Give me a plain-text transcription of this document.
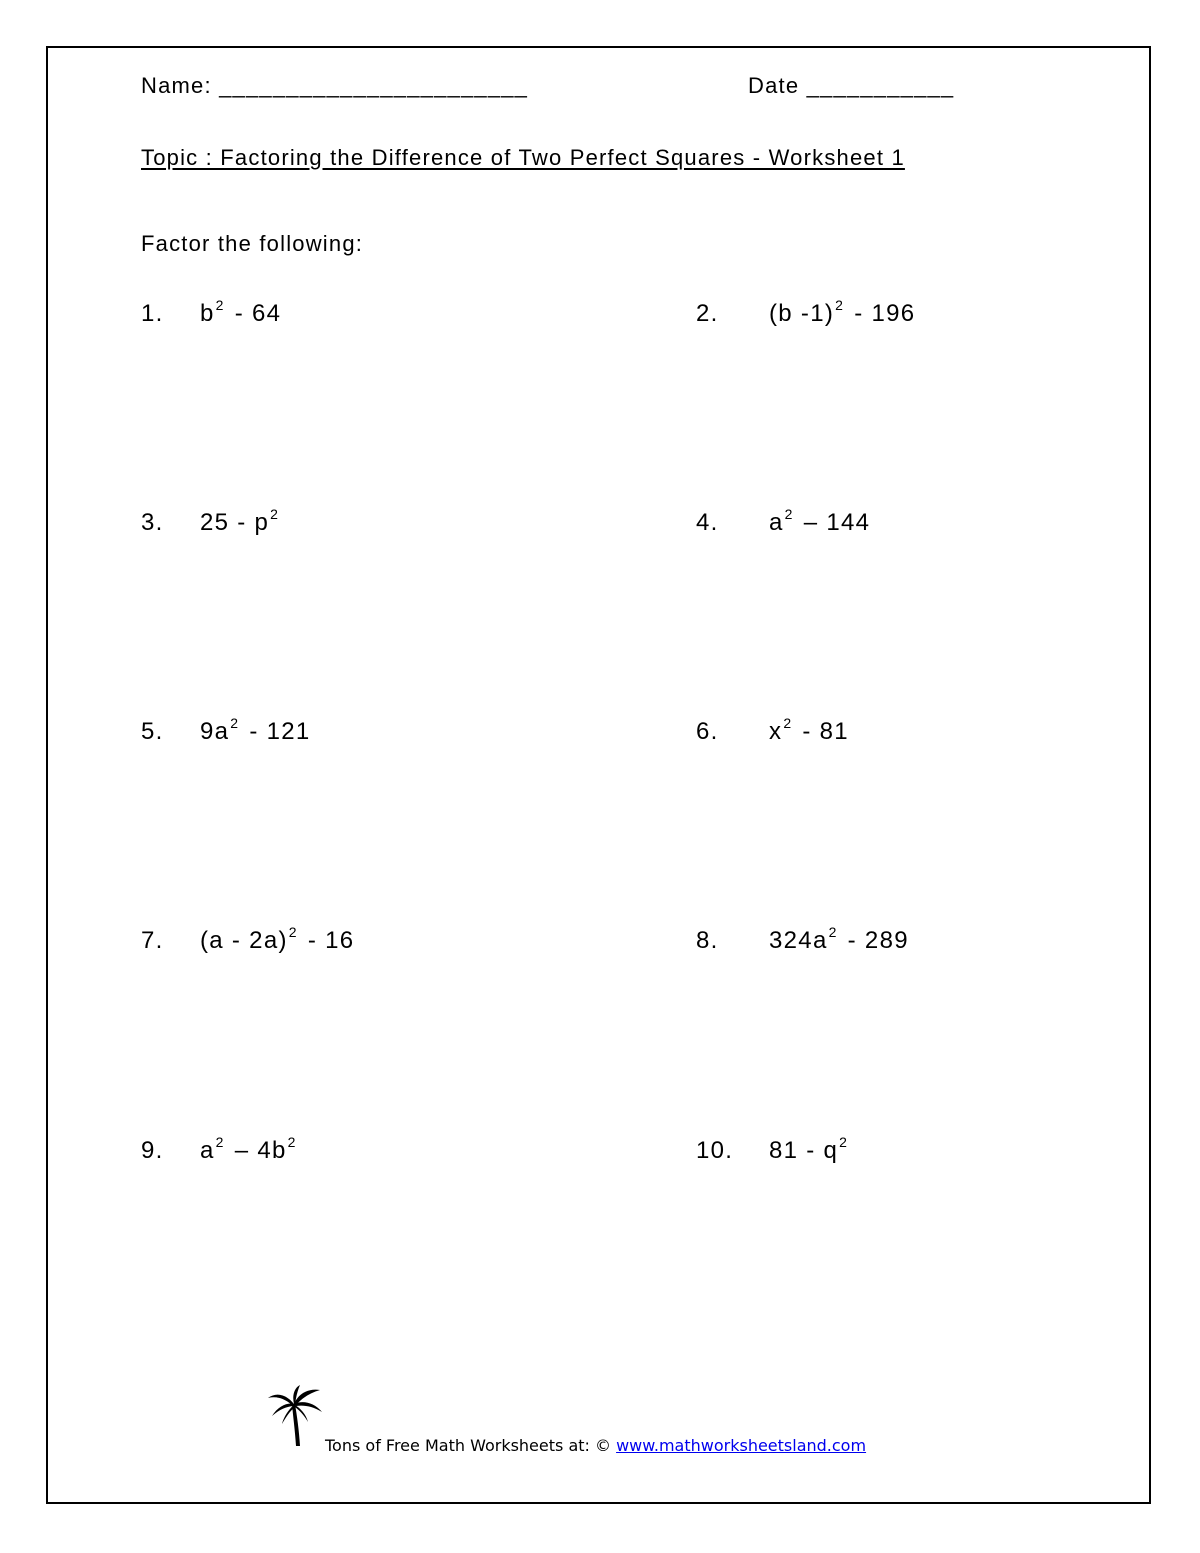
Name: _______________________	Date ___________
Topic : Factoring the Difference of Two Perfect Squares - Worksheet 1
Factor the following:
1. $b^2 - 64$	2. (b -1)$^2$ - 196
3. $25 - p^2$	4. $a^2 - 144$
5. $9a^2 - 121$	6. $x^2 - 81$
7. (a - 2a)$^2$ - 16	8. $324a^2 - 289$
9. $a^2 - 4b^2$	10. $81 - q^2$
Tons of Free Math Worksheets at: © www.mathworksheetsland.com
